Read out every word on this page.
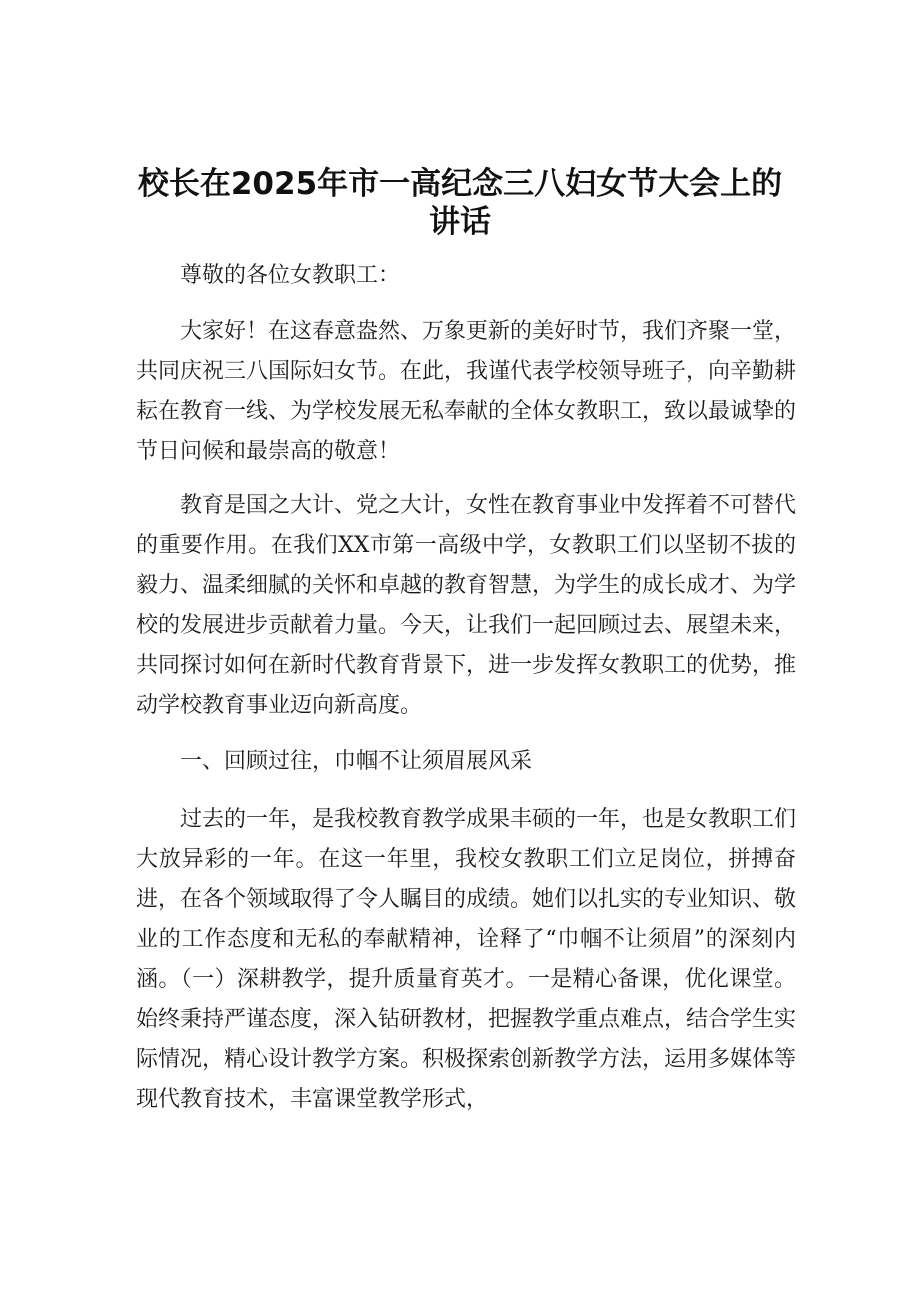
校长在2025年市一高纪念三八妇女节大会上的
讲话

尊敬的各位女教职工：

大家好！在这春意盎然、万象更新的美好时节，我们齐聚一堂，共同庆祝三八国际妇女节。在此，我谨代表学校领导班子，向辛勤耕耘在教育一线、为学校发展无私奉献的全体女教职工，致以最诚挚的节日问候和最崇高的敬意！

教育是国之大计、党之大计，女性在教育事业中发挥着不可替代的重要作用。在我们XX市第一高级中学，女教职工们以坚韧不拔的毅力、温柔细腻的关怀和卓越的教育智慧，为学生的成长成才、为学校的发展进步贡献着力量。今天，让我们一起回顾过去、展望未来，共同探讨如何在新时代教育背景下，进一步发挥女教职工的优势，推动学校教育事业迈向新高度。

一、回顾过往，巾帼不让须眉展风采

过去的一年，是我校教育教学成果丰硕的一年，也是女教职工们大放异彩的一年。在这一年里，我校女教职工们立足岗位，拼搏奋进，在各个领域取得了令人瞩目的成绩。她们以扎实的专业知识、敬业的工作态度和无私的奉献精神，诠释了“巾帼不让须眉”的深刻内涵。（一）深耕教学，提升质量育英才。一是精心备课，优化课堂。始终秉持严谨态度，深入钻研教材，把握教学重点难点，结合学生实际情况，精心设计教学方案。积极探索创新教学方法，运用多媒体等现代教育技术，丰富课堂教学形式，
